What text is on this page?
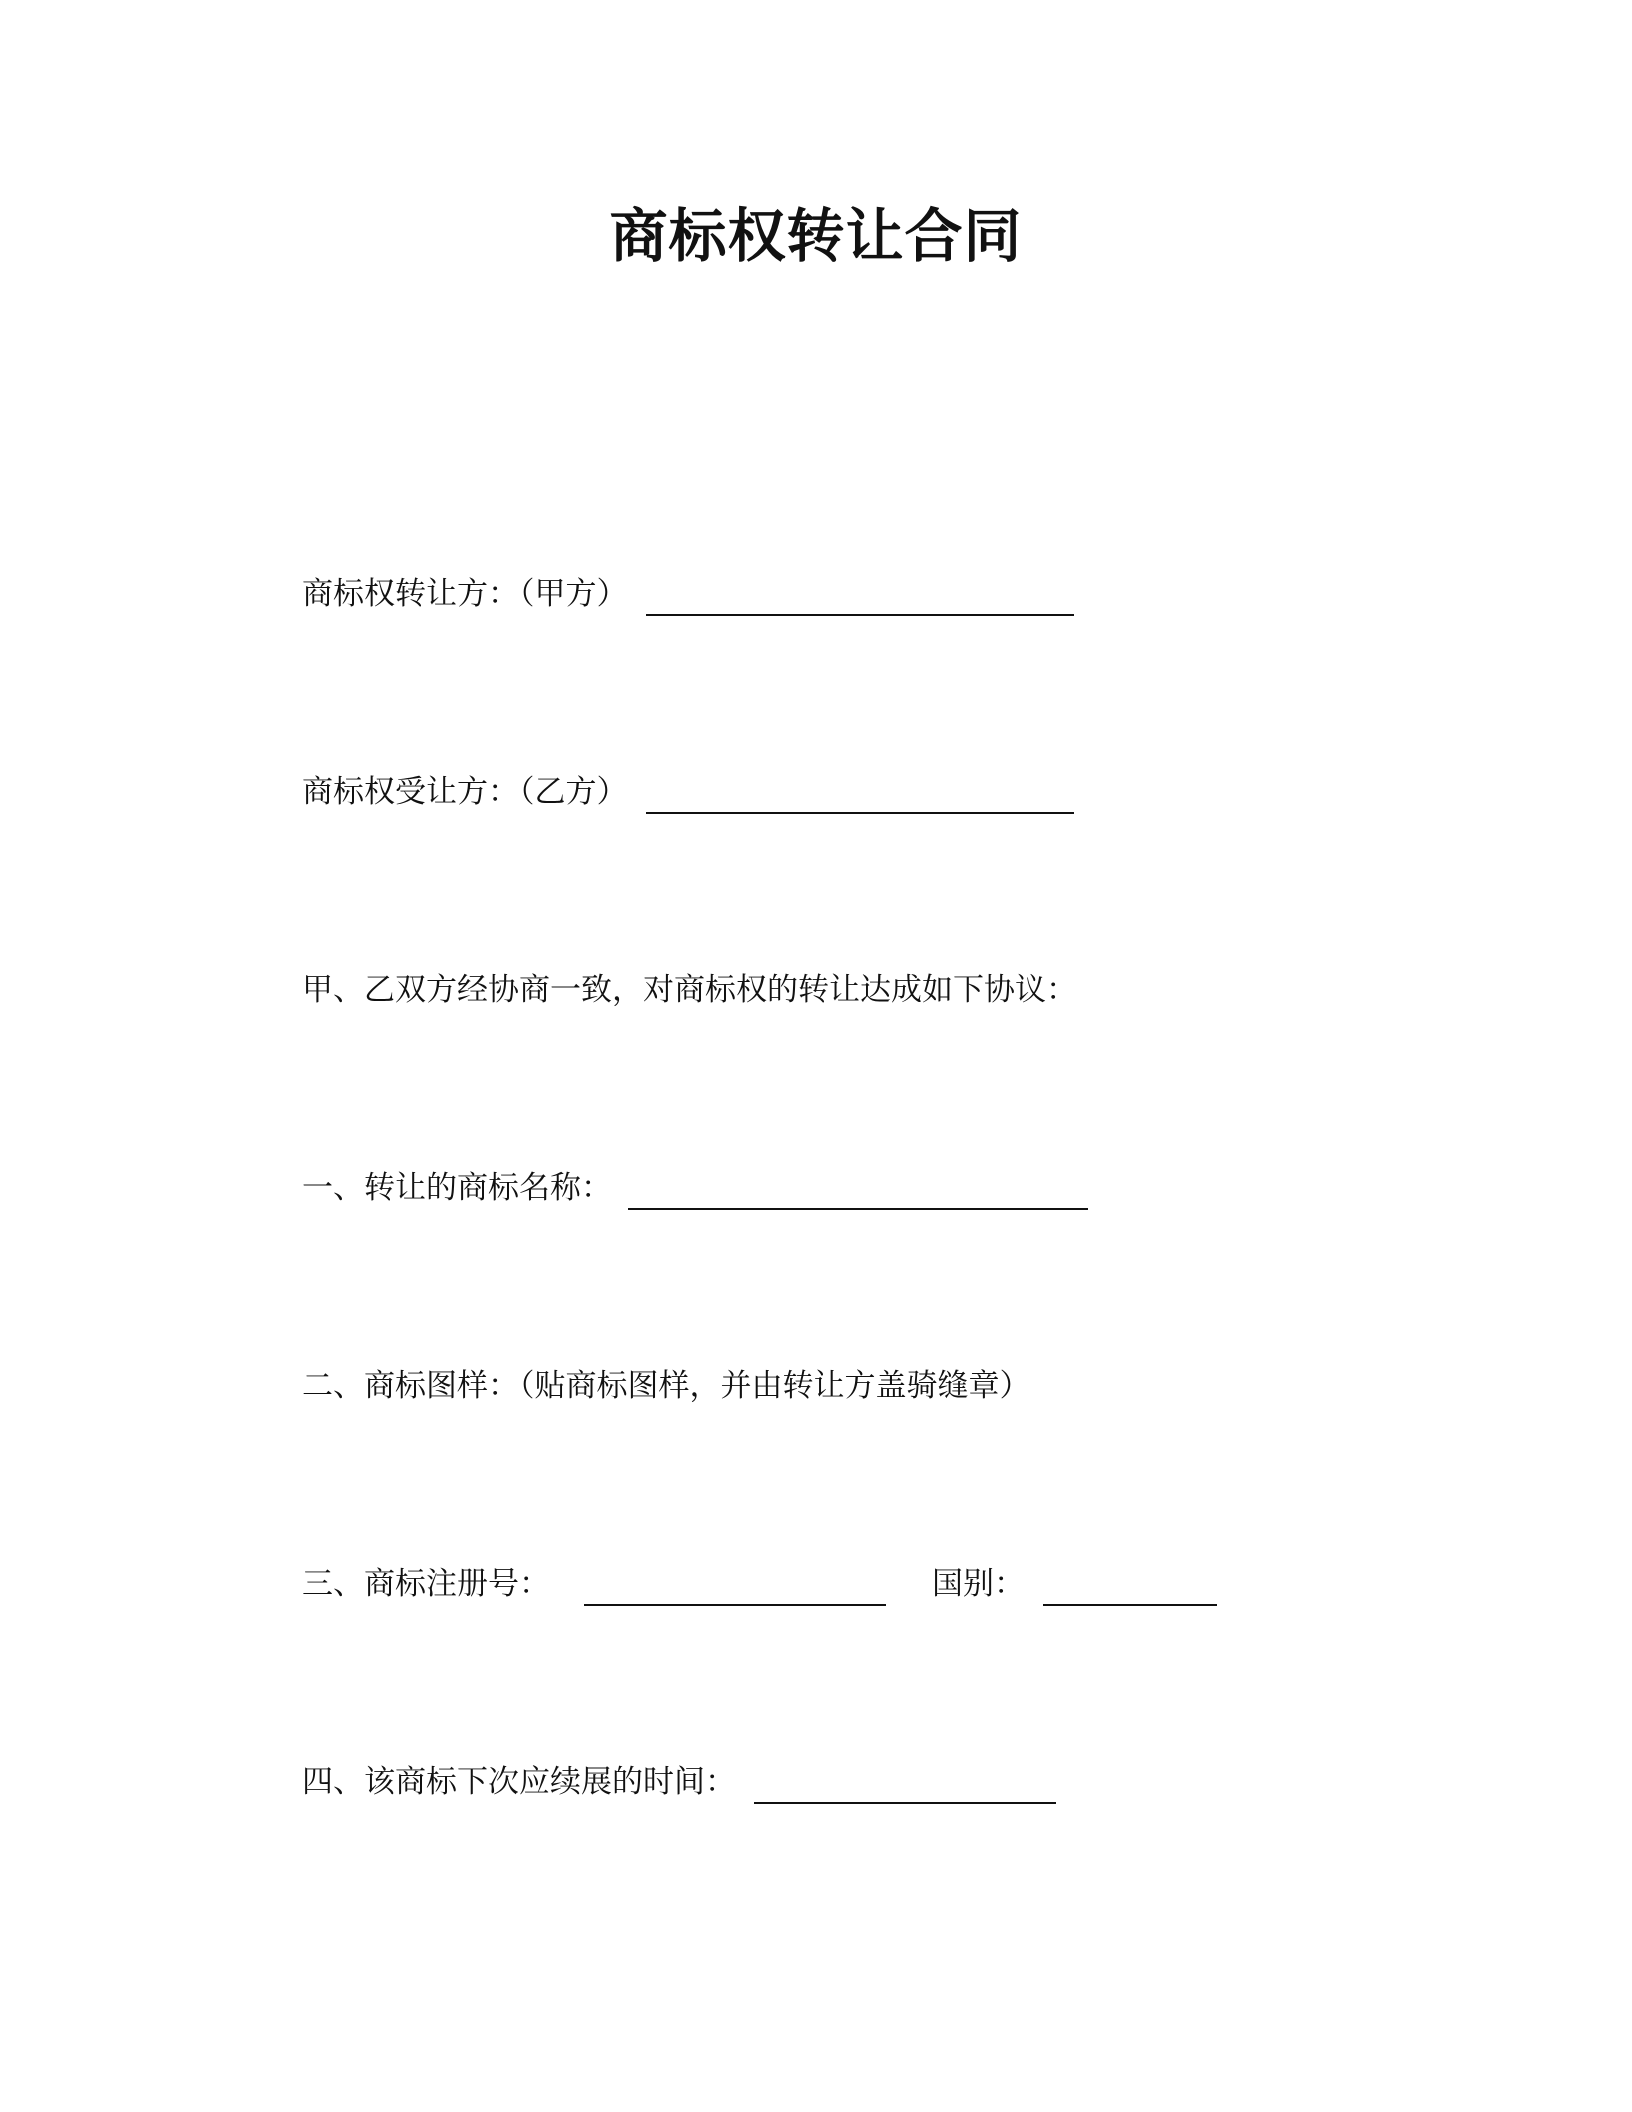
商标权转让合同
商标权转让方：（甲方）
商标权受让方：（乙方）
甲、乙双方经协商一致，对商标权的转让达成如下协议：
一、转让的商标名称：
二、商标图样：（贴商标图样，并由转让方盖骑缝章）
三、商标注册号：	国别：
四、该商标下次应续展的时间：
